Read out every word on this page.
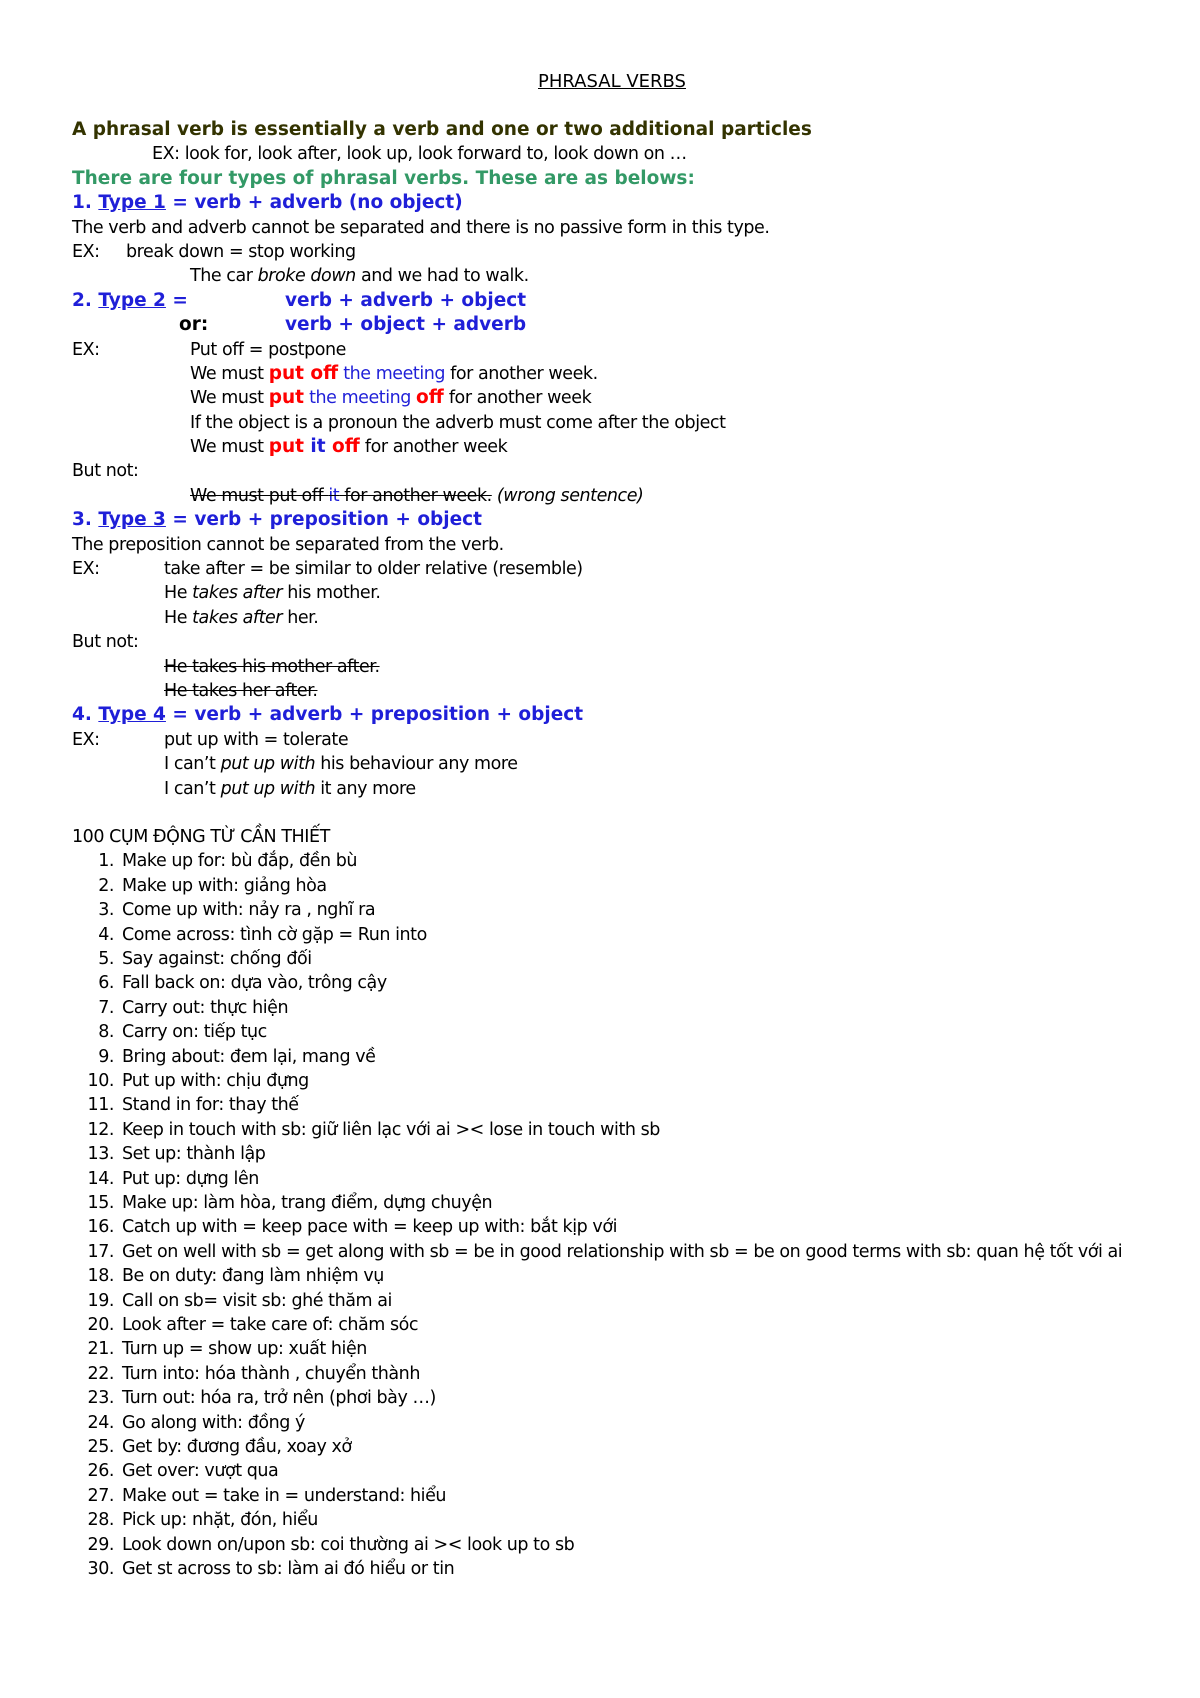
PHRASAL VERBS
A phrasal verb is essentially a verb and one or two additional particles
EX: look for, look after, look up, look forward to, look down on …
There are four types of phrasal verbs. These are as belows:
1. Type 1 = verb + adverb (no object)
The verb and adverb cannot be separated and there is no passive form in this type.
EX: break down = stop working
The car broke down and we had to walk.
2. Type 2 =	verb + adverb + object
or:	verb + object + adverb
EX:	Put off = postpone
We must put off the meeting for another week.
We must put the meeting off for another week
If the object is a pronoun the adverb must come after the object
We must put it off for another week
But not:
We must put off it for another week. (wrong sentence)
3. Type 3 = verb + preposition + object
The preposition cannot be separated from the verb.
EX:	take after = be similar to older relative (resemble)
He takes after his mother.
He takes after her.
But not:
He takes his mother after.
He takes her after.
4. Type 4 = verb + adverb + preposition + object
EX:	put up with = tolerate
I can’t put up with his behaviour any more
I can’t put up with it any more
100 CỤM ĐỘNG TỪ CẦN THIẾT
1. Make up for: bù đắp, đền bù
2. Make up with: giảng hòa
3. Come up with: nảy ra , nghĩ ra
4. Come across: tình cờ gặp = Run into
5. Say against: chống đối
6. Fall back on: dựa vào, trông cậy
7. Carry out: thực hiện
8. Carry on: tiếp tục
9. Bring about: đem lại, mang về
10. Put up with: chịu đựng
11. Stand in for: thay thế
12. Keep in touch with sb: giữ liên lạc với ai >< lose in touch with sb
13. Set up: thành lập
14. Put up: dựng lên
15. Make up: làm hòa, trang điểm, dựng chuyện
16. Catch up with = keep pace with = keep up with: bắt kịp với
17. Get on well with sb = get along with sb = be in good relationship with sb = be on good terms with sb: quan hệ tốt với ai
18. Be on duty: đang làm nhiệm vụ
19. Call on sb= visit sb: ghé thăm ai
20. Look after = take care of: chăm sóc
21. Turn up = show up: xuất hiện
22. Turn into: hóa thành , chuyển thành
23. Turn out: hóa ra, trở nên (phơi bày …)
24. Go along with: đồng ý
25. Get by: đương đầu, xoay xở
26. Get over: vượt qua
27. Make out = take in = understand: hiểu
28. Pick up: nhặt, đón, hiểu
29. Look down on/upon sb: coi thường ai >< look up to sb
30. Get st across to sb: làm ai đó hiểu or tin
